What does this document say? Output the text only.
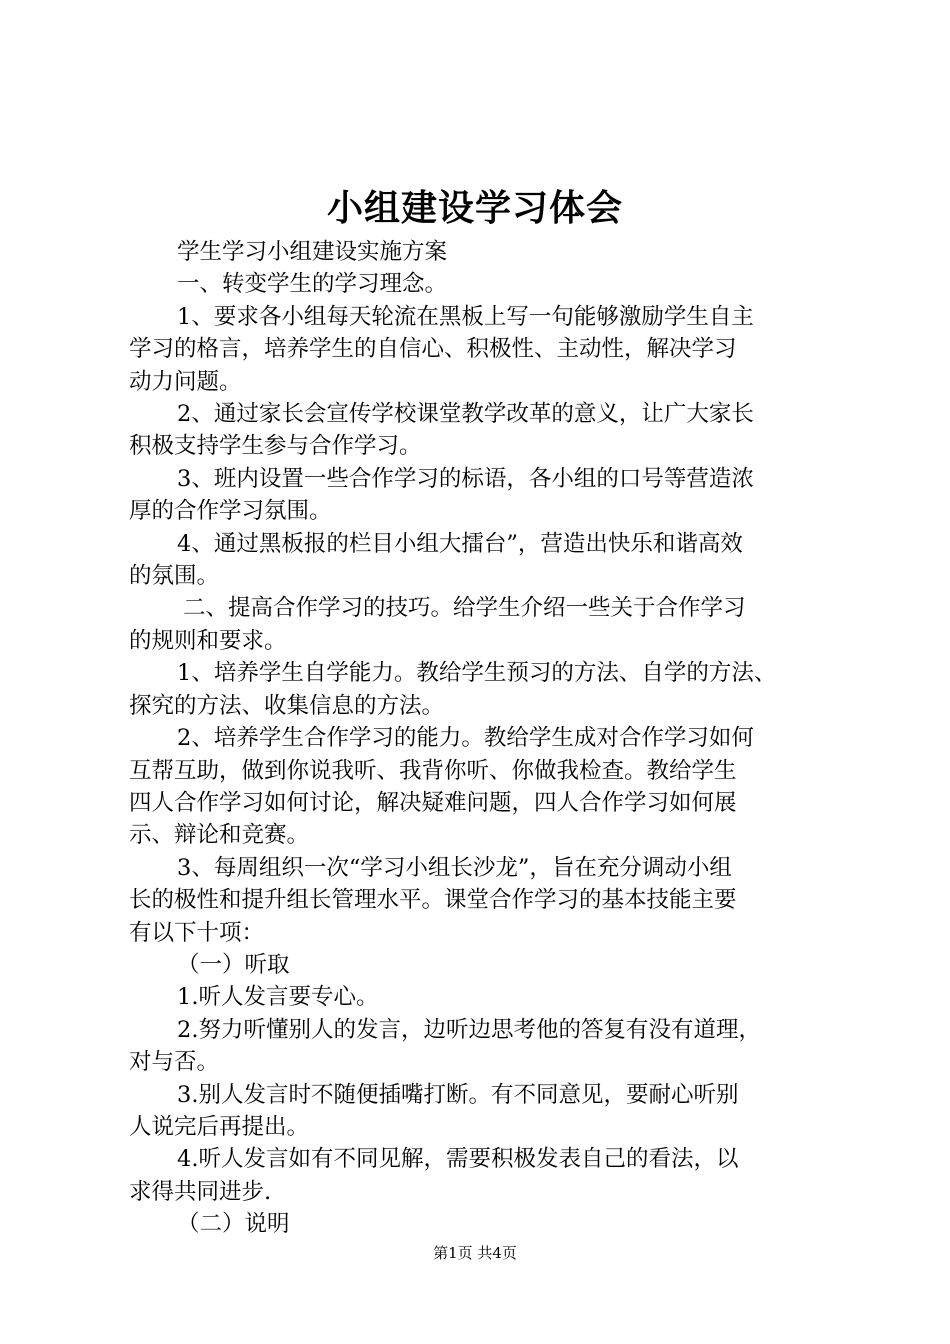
小组建设学习体会

学生学习小组建设实施方案

一、转变学生的学习理念。

1、要求各小组每天轮流在黑板上写一句能够激励学生自主

学习的格言，培养学生的自信心、积极性、主动性，解决学习

动力问题。

2、通过家长会宣传学校课堂教学改革的意义，让广大家长

积极支持学生参与合作学习。

3、班内设置一些合作学习的标语，各小组的口号等营造浓

厚的合作学习氛围。

4、通过黑板报的栏目小组大擂台”，营造出快乐和谐高效

的氛围。

二、提高合作学习的技巧。给学生介绍一些关于合作学习

的规则和要求。

1、培养学生自学能力。教给学生预习的方法、自学的方法、

探究的方法、收集信息的方法。

2、培养学生合作学习的能力。教给学生成对合作学习如何

互帮互助，做到你说我听、我背你听、你做我检查。教给学生

四人合作学习如何讨论，解决疑难问题，四人合作学习如何展

示、辩论和竞赛。

3、每周组织一次“学习小组长沙龙”，旨在充分调动小组

长的极性和提升组长管理水平。课堂合作学习的基本技能主要

有以下十项：

（一）听取

1.听人发言要专心。

2.努力听懂别人的发言，边听边思考他的答复有没有道理，

对与否。

3.别人发言时不随便插嘴打断。有不同意见，要耐心听别

人说完后再提出。

4.听人发言如有不同见解，需要积极发表自己的看法，以

求得共同进步.

（二）说明

第1页 共4页
